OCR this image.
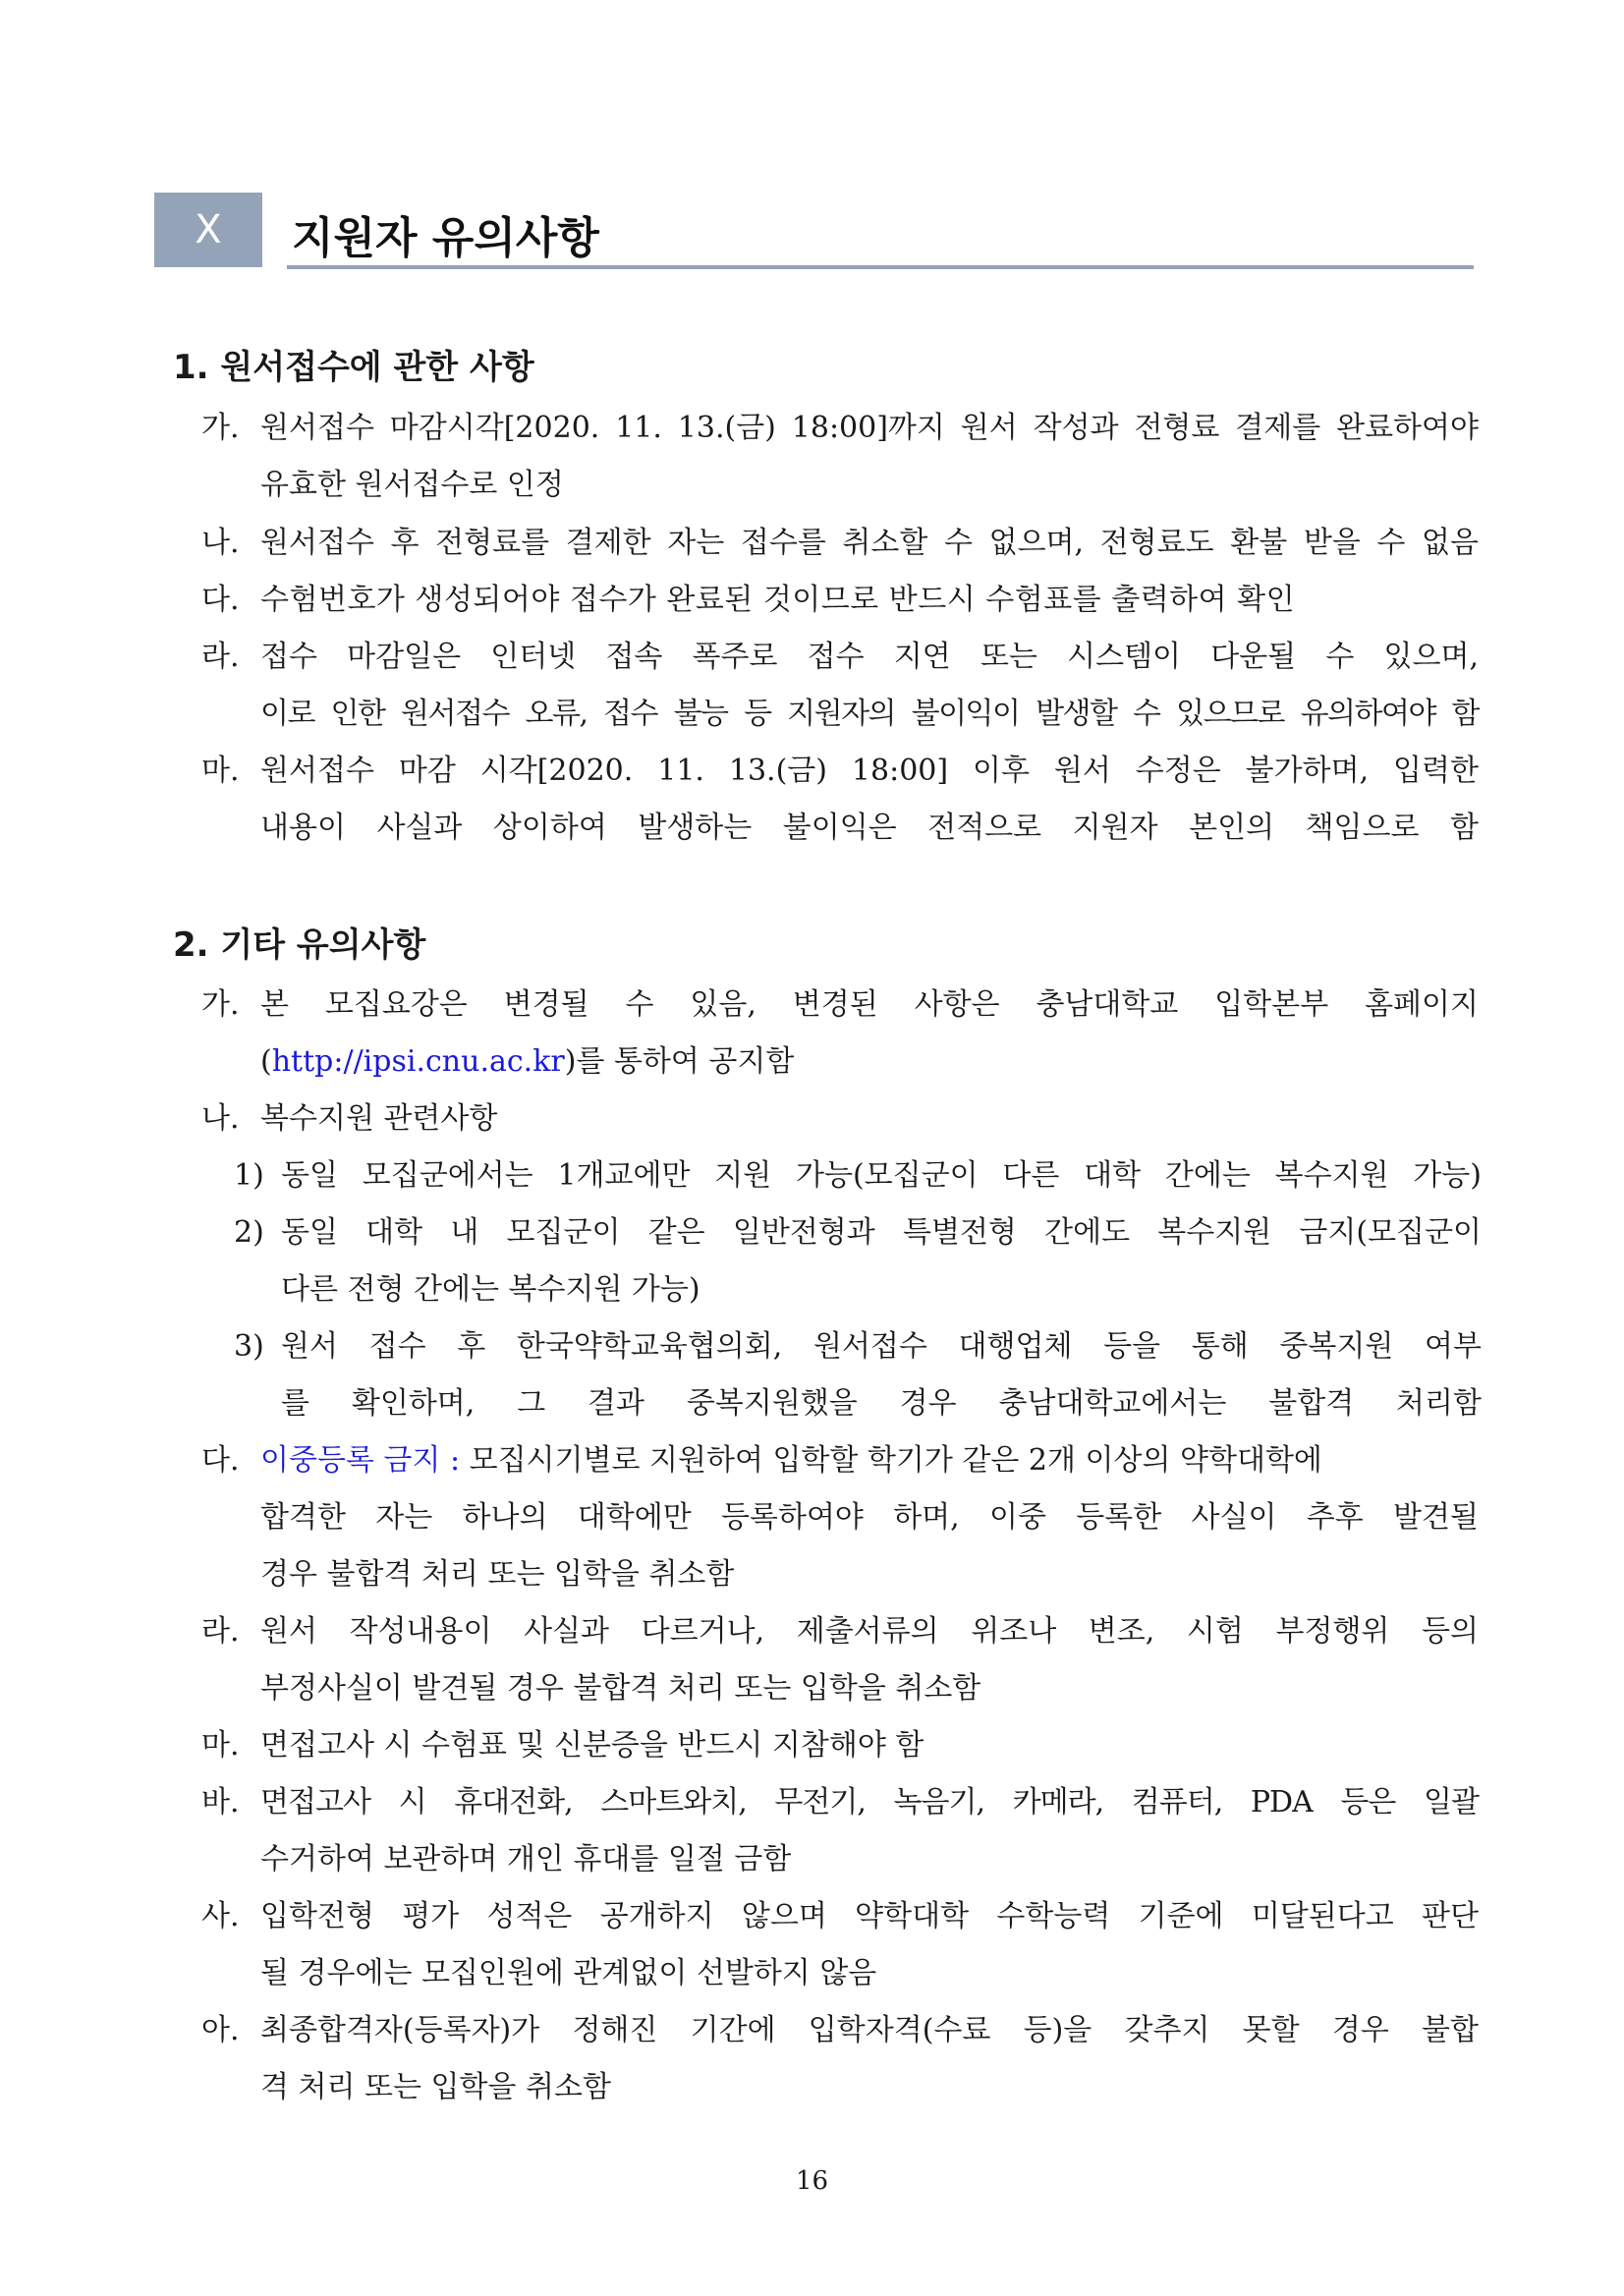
X	지원자 유의사항
1. 원서접수에 관한 사항
가. 원서접수 마감시각[2020. 11. 13.(금) 18:00]까지 원서 작성과 전형료 결제를 완료하여야
유효한 원서접수로 인정
나. 원서접수 후 전형료를 결제한 자는 접수를 취소할 수 없으며, 전형료도 환불 받을 수 없음
다. 수험번호가 생성되어야 접수가 완료된 것이므로 반드시 수험표를 출력하여 확인
라. 접수 마감일은 인터넷 접속 폭주로 접수 지연 또는 시스템이 다운될 수 있으며,
이로 인한 원서접수 오류, 접수 불능 등 지원자의 불이익이 발생할 수 있으므로 유의하여야 함
마. 원서접수 마감 시각[2020. 11. 13.(금) 18:00] 이후 원서 수정은 불가하며, 입력한
내용이 사실과 상이하여 발생하는 불이익은 전적으로 지원자 본인의 책임으로 함
2. 기타 유의사항
가. 본 모집요강은 변경될 수 있음, 변경된 사항은 충남대학교 입학본부 홈페이지
(http://ipsi.cnu.ac.kr)를 통하여 공지함
나. 복수지원 관련사항
1) 동일 모집군에서는 1개교에만 지원 가능(모집군이 다른 대학 간에는 복수지원 가능)
2) 동일 대학 내 모집군이 같은 일반전형과 특별전형 간에도 복수지원 금지(모집군이
다른 전형 간에는 복수지원 가능)
3) 원서 접수 후 한국약학교육협의회, 원서접수 대행업체 등을 통해 중복지원 여부
를 확인하며, 그 결과 중복지원했을 경우 충남대학교에서는 불합격 처리함
다. 이중등록 금지 : 모집시기별로 지원하여 입학할 학기가 같은 2개 이상의 약학대학에
합격한 자는 하나의 대학에만 등록하여야 하며, 이중 등록한 사실이 추후 발견될
경우 불합격 처리 또는 입학을 취소함
라. 원서 작성내용이 사실과 다르거나, 제출서류의 위조나 변조, 시험 부정행위 등의
부정사실이 발견될 경우 불합격 처리 또는 입학을 취소함
마. 면접고사 시 수험표 및 신분증을 반드시 지참해야 함
바. 면접고사 시 휴대전화, 스마트와치, 무전기, 녹음기, 카메라, 컴퓨터, PDA 등은 일괄
수거하여 보관하며 개인 휴대를 일절 금함
사. 입학전형 평가 성적은 공개하지 않으며 약학대학 수학능력 기준에 미달된다고 판단
될 경우에는 모집인원에 관계없이 선발하지 않음
아. 최종합격자(등록자)가 정해진 기간에 입학자격(수료 등)을 갖추지 못할 경우 불합
격 처리 또는 입학을 취소함
16
